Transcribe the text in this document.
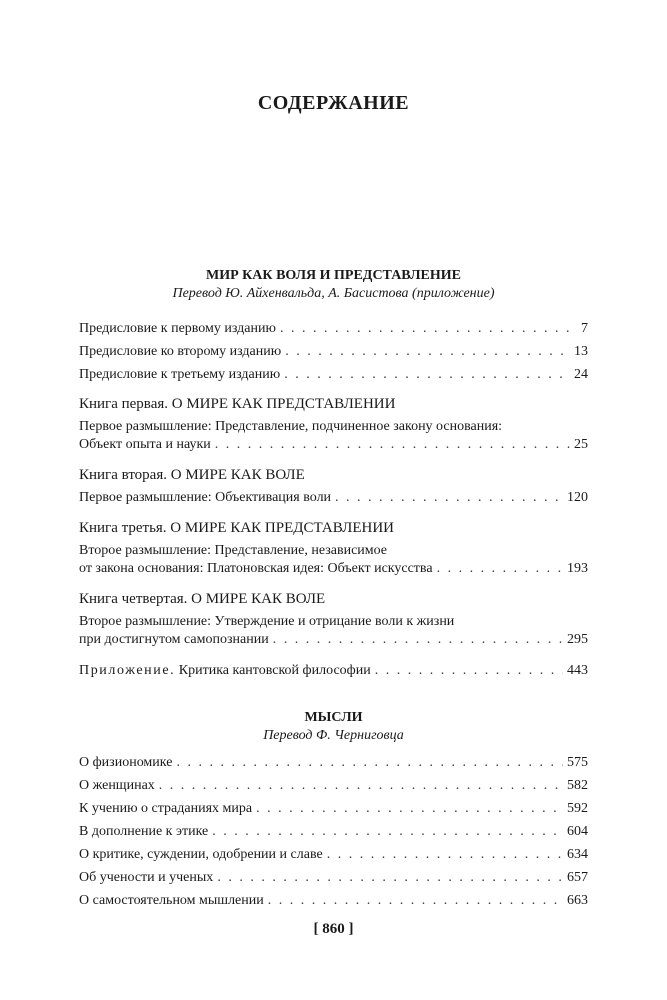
СОДЕРЖАНИЕ
МИР КАК ВОЛЯ И ПРЕДСТАВЛЕНИЕ
Перевод Ю. Айхенвальда, А. Басистова (приложение)
Предисловие к первому изданию . . .	7
Предисловие ко второму изданию . . .	13
Предисловие к третьему изданию . . .	24
Книга первая. О МИРЕ КАК ПРЕДСТАВЛЕНИИ
Первое размышление: Представление, подчиненное закону основания:
Объект опыта и науки . . .	25
Книга вторая. О МИРЕ КАК ВОЛЕ
Первое размышление: Объективация воли . . .	120
Книга третья. О МИРЕ КАК ПРЕДСТАВЛЕНИИ
Второе размышление: Представление, независимое
от закона основания: Платоновская идея: Объект искусства . . .	193
Книга четвертая. О МИРЕ КАК ВОЛЕ
Второе размышление: Утверждение и отрицание воли к жизни
при достигнутом самопознании . . .	295
Приложение. Критика кантовской философии . . .	443
О физиономике . . .	575
О женщинах . . .	582
К учению о страданиях мира . . .	592
В дополнение к этике . . .	604
О критике, суждении, одобрении и славе . . .	634
Об учености и ученых . . .	657
О самостоятельном мышлении . . .	663
МЫСЛИ
Перевод Ф. Черниговца
[ 860 ]
